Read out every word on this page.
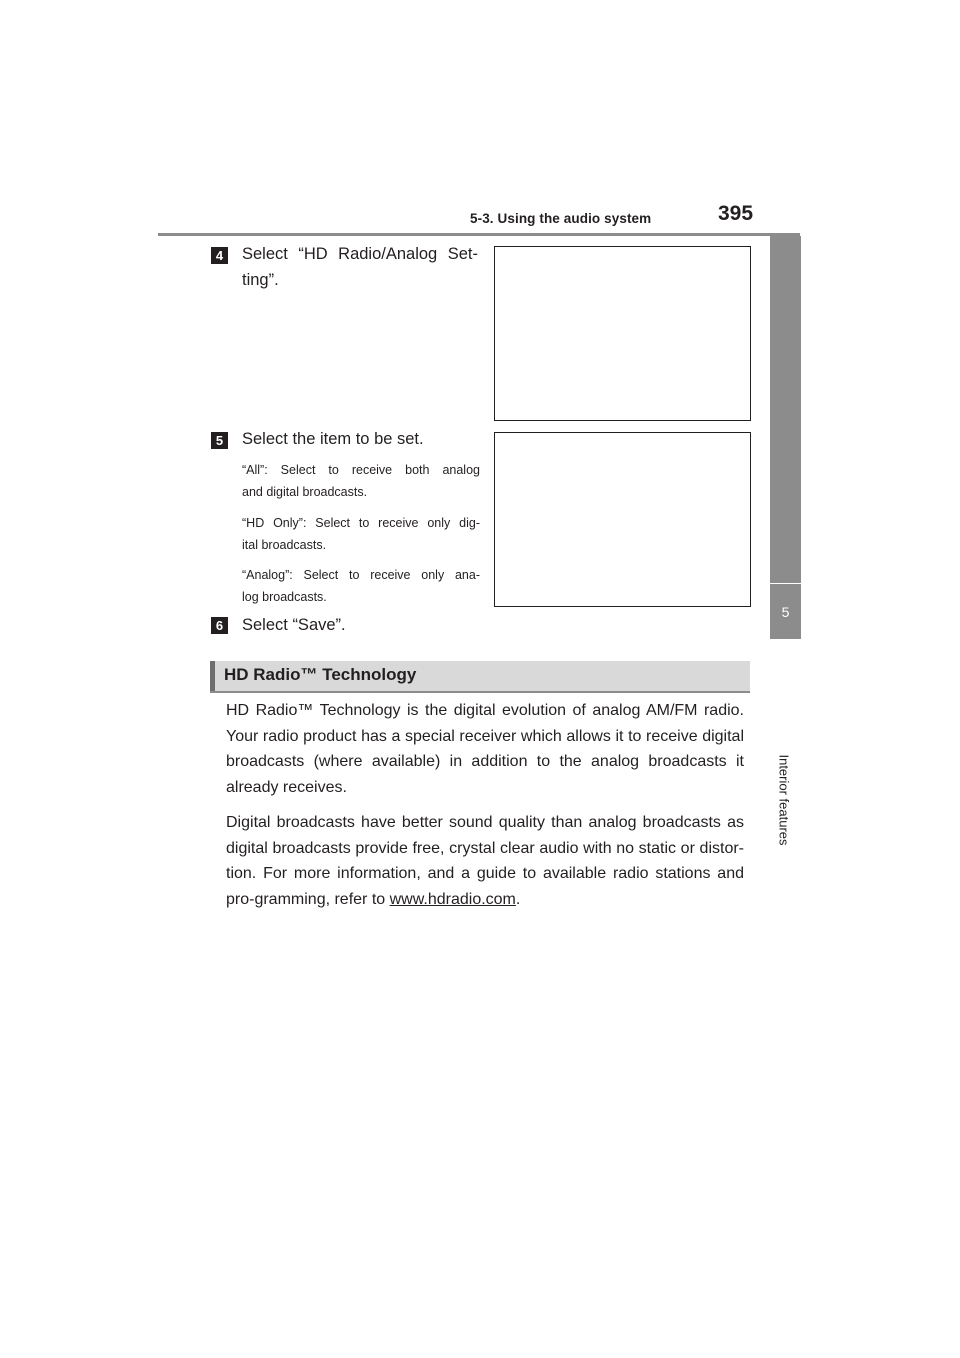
5-3. Using the audio system	395
5
Interior features
4 Select “HD Radio/Analog Set-
ting”.
5 Select the item to be set.
“All”: Select to receive both analog
and digital broadcasts.
“HD Only”: Select to receive only dig-
ital broadcasts.
“Analog”: Select to receive only ana-
log broadcasts.
6 Select “Save”.
HD Radio™ Technology

HD Radio™ Technology is the digital evolution of analog AM/FM radio. Your radio product has a special receiver which allows it to receive digital broadcasts (where available) in addition to the analog broadcasts it already receives.

Digital broadcasts have better sound quality than analog broadcasts as digital broadcasts provide free, crystal clear audio with no static or distor-tion. For more information, and a guide to available radio stations and pro-gramming, refer to www.hdradio.com.
